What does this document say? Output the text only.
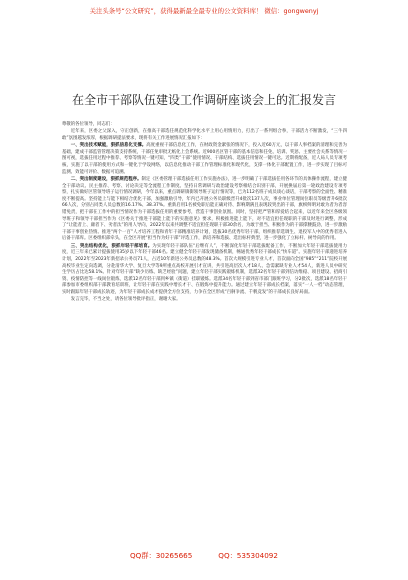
关注头条号“公文研究”，获得最新最全最专业的公文资料库！ 微信：gongwenyj
在全市干部队伍建设工作调研座谈会上的汇报发言

尊敬的各位领导，同志们：

近年来，区委之父深入，守正创新，在推高干部选任规范化科学化水平上用心用情用力，打出了一系列组合拳，干部活力不断激发，“三牛四敢”氛围越发浓厚，根据调研提法要求，现将有关工作进展情况汇报如下：

一、突出技术赋能，狠抓信息化支撑。高度重视干部信息化工作，在财政资金紧张的情况下，投入近60万元，以干部人事档案的清理和完善为基础，建成干部监管管理决策支持系统，干部任免审批无纸化上会系统。近900名区管干部的基本信息和任免、培训、奖惩、主要社会关系等情况一图可视，选拔任用过程中推荐、考察等情况一键可知，“四类”干部“使用情况、干部结构、选拔任用情况一键可达。近期将配备，近人局人员专项考核，实施了以干部的使用方式和一键化于学设网络，以信息化推动干部工作管理标准化和现代化，支撑一体化干部配置工作，进一步实现了目标可监测、效能可评价、数据可追溯。

二、突出制度建设，狠抓规范程序。制定《区委管理干部选拔任用工作实施办法》，进一步明确了干部选拔任用各环节的具体操作流程，建立健全干部动议、民主推荐、考察、讨论决定等全流程工作制度。坚持日常调研与政治建设考察相结合识别干部，开展换届后第一轮政治建设专项考察，扎实做好区管领导班子运行情况调研，今年以来，重点调研镇街领导班子运行情况等，已为112名班子成员谈心谈话，干部考察的全面性、精准度不断提高。坚持能上与能下相结合优化干部，加强激励引导，年内已开展公务员职级晋升4批次137人次，事业单位管理岗位职员等级晋升6批次66人次，分别占同类人员总数的16.17%、38.37%。重新启用1名被免职后能正确对待、影响期满且表现较突出的干部，旗帜鲜明对敢为者为者容错免责，把干部在工作中的担当情况作为干部选拔任用的重要参考，营造干事创业氛围。同时，坚持把严管和厚爱结合起来，以近年来全区各级领导班子和领导干部担当作为《区委关于推进干部能上能下的实施意见》要求，积极推进能上能下，对不适宜担任现职的干部及时进行调整，形成了“让能者上、庸者下、劣者汰”的用人导向，2022年以来共调整不适宜担任现职干部30余名，为敢于担当、积极作为的干部撑腰鼓劲，进一步激励干部干事创业热情。推进“两个一百”人才培养工程和青年干部精准培养计划，选拔30名优秀年轻干部，组织推荐选调生、退役军人中的优秀者进入后备干部库。区委组织部牵头，在全区开展“担当作为好干部”评选工作，新培养和选拔、选出标杆典型，进一步强化了立标杆、树导向的作用。

三、突出结构优化，狠抓年轻干部培育。为实现年轻干部队伍“后继有人”，不断深化年轻干部选拔配备工作，不断加大年轻干部选拔使用力度，近三年来已累计提拔使用35岁以下年轻干部46名。建立健全年轻干部发现储备机制，畅通优秀年轻干部成长“快车道”。实施年轻干部递进培养计划，2022年至2023年新招录公务员71人，占近10年新进公务员总数的48.3%。首次大规模引进专业人才，首次面向全国“985”“211”院校开展高校毕业生定向选调，分赴清华大学、复旦大学等9所重点高校开展引才宣讲，共引进高层次人才18人、急需紧缺专业人才54人，新进人员中研究生学历占比达58.1%。针对年轻干部“缺少历练、缺乏经验”问题，建立年轻干部实践锻炼机制，选派32名年轻干部到信访维稳、项目建设、招商引资、疫情防控等一线岗位锻炼，选派12名年轻干部到乡镇（街道）挂职锻炼。选派34名年轻干部到省市部门跟班学习，分2批次，选派18名年轻干部参加市委组织部干部教育培训班，让年轻干部在实践中增长才干、在锻炼中提升能力。通过建立年轻干部成长档案，落实“一人一档”动态管理，实时跟踪年轻干部成长轨迹，为年轻干部成长成才提供全方位支持，力争在全区形成“百舸争流、千帆竞发”的干部成长良好局面。

发言完毕，不当之处，请各位领导批评指正，谢谢大家。

QQ群：30265665	QQ：535304092
